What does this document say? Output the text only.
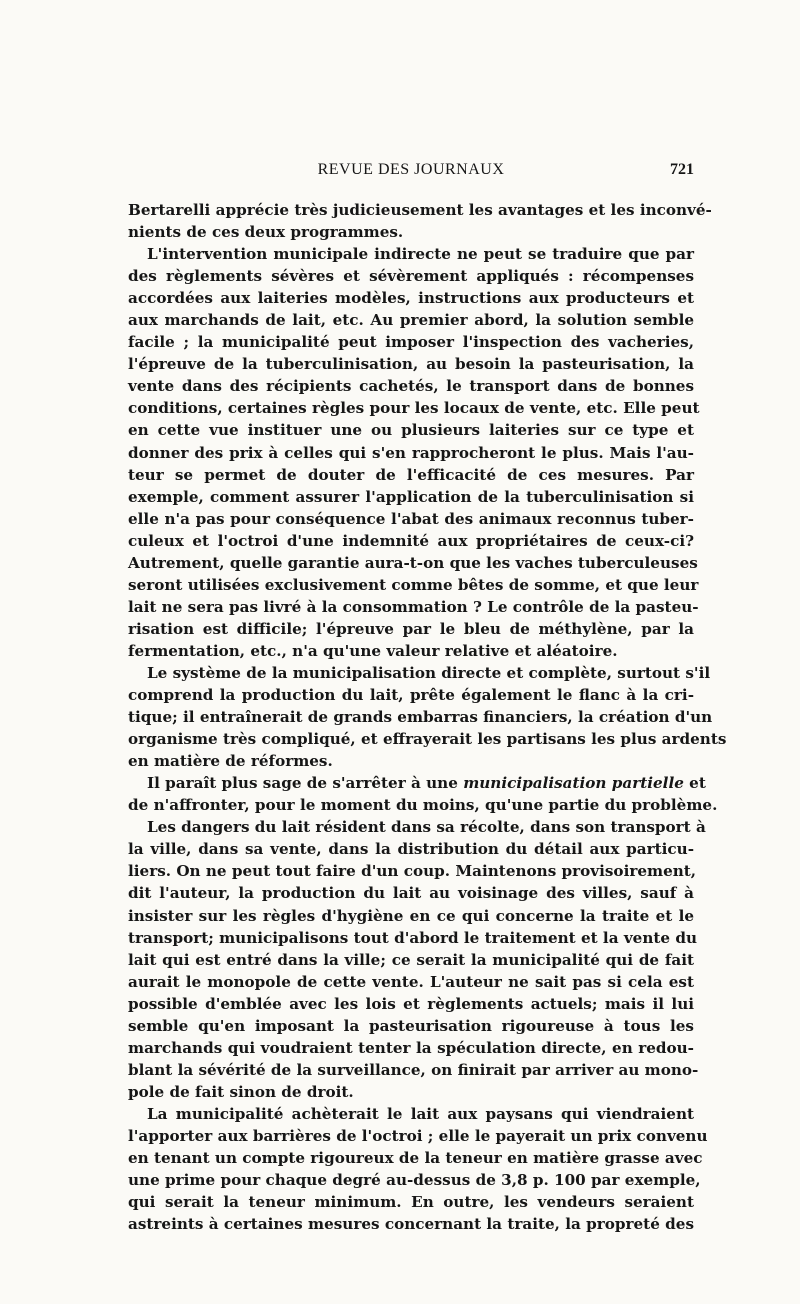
REVUE DES JOURNAUX	721
Bertarelli apprécie très judicieusement les avantages et les inconvé-
nients de ces deux programmes.
L'intervention municipale indirecte ne peut se traduire que par
des règlements sévères et sévèrement appliqués : récompenses
accordées aux laiteries modèles, instructions aux producteurs et
aux marchands de lait, etc. Au premier abord, la solution semble
facile ; la municipalité peut imposer l'inspection des vacheries,
l'épreuve de la tuberculinisation, au besoin la pasteurisation, la
vente dans des récipients cachetés, le transport dans de bonnes
conditions, certaines règles pour les locaux de vente, etc. Elle peut
en cette vue instituer une ou plusieurs laiteries sur ce type et
donner des prix à celles qui s'en rapprocheront le plus. Mais l'au-
teur se permet de douter de l'efficacité de ces mesures. Par
exemple, comment assurer l'application de la tuberculinisation si
elle n'a pas pour conséquence l'abat des animaux reconnus tuber-
culeux et l'octroi d'une indemnité aux propriétaires de ceux-ci?
Autrement, quelle garantie aura-t-on que les vaches tuberculeuses
seront utilisées exclusivement comme bêtes de somme, et que leur
lait ne sera pas livré à la consommation ? Le contrôle de la pasteu-
risation est difficile; l'épreuve par le bleu de méthylène, par la
fermentation, etc., n'a qu'une valeur relative et aléatoire.
Le système de la municipalisation directe et complète, surtout s'il
comprend la production du lait, prête également le flanc à la cri-
tique; il entraînerait de grands embarras financiers, la création d'un
organisme très compliqué, et effrayerait les partisans les plus ardents
en matière de réformes.
Il paraît plus sage de s'arrêter à une municipalisation partielle et
de n'affronter, pour le moment du moins, qu'une partie du problème.
Les dangers du lait résident dans sa récolte, dans son transport à
la ville, dans sa vente, dans la distribution du détail aux particu-
liers. On ne peut tout faire d'un coup. Maintenons provisoirement,
dit l'auteur, la production du lait au voisinage des villes, sauf à
insister sur les règles d'hygiène en ce qui concerne la traite et le
transport; municipalisons tout d'abord le traitement et la vente du
lait qui est entré dans la ville; ce serait la municipalité qui de fait
aurait le monopole de cette vente. L'auteur ne sait pas si cela est
possible d'emblée avec les lois et règlements actuels; mais il lui
semble qu'en imposant la pasteurisation rigoureuse à tous les
marchands qui voudraient tenter la spéculation directe, en redou-
blant la sévérité de la surveillance, on finirait par arriver au mono-
pole de fait sinon de droit.
La municipalité achèterait le lait aux paysans qui viendraient
l'apporter aux barrières de l'octroi ; elle le payerait un prix convenu
en tenant un compte rigoureux de la teneur en matière grasse avec
une prime pour chaque degré au-dessus de 3,8 p. 100 par exemple,
qui serait la teneur minimum. En outre, les vendeurs seraient
astreints à certaines mesures concernant la traite, la propreté des
